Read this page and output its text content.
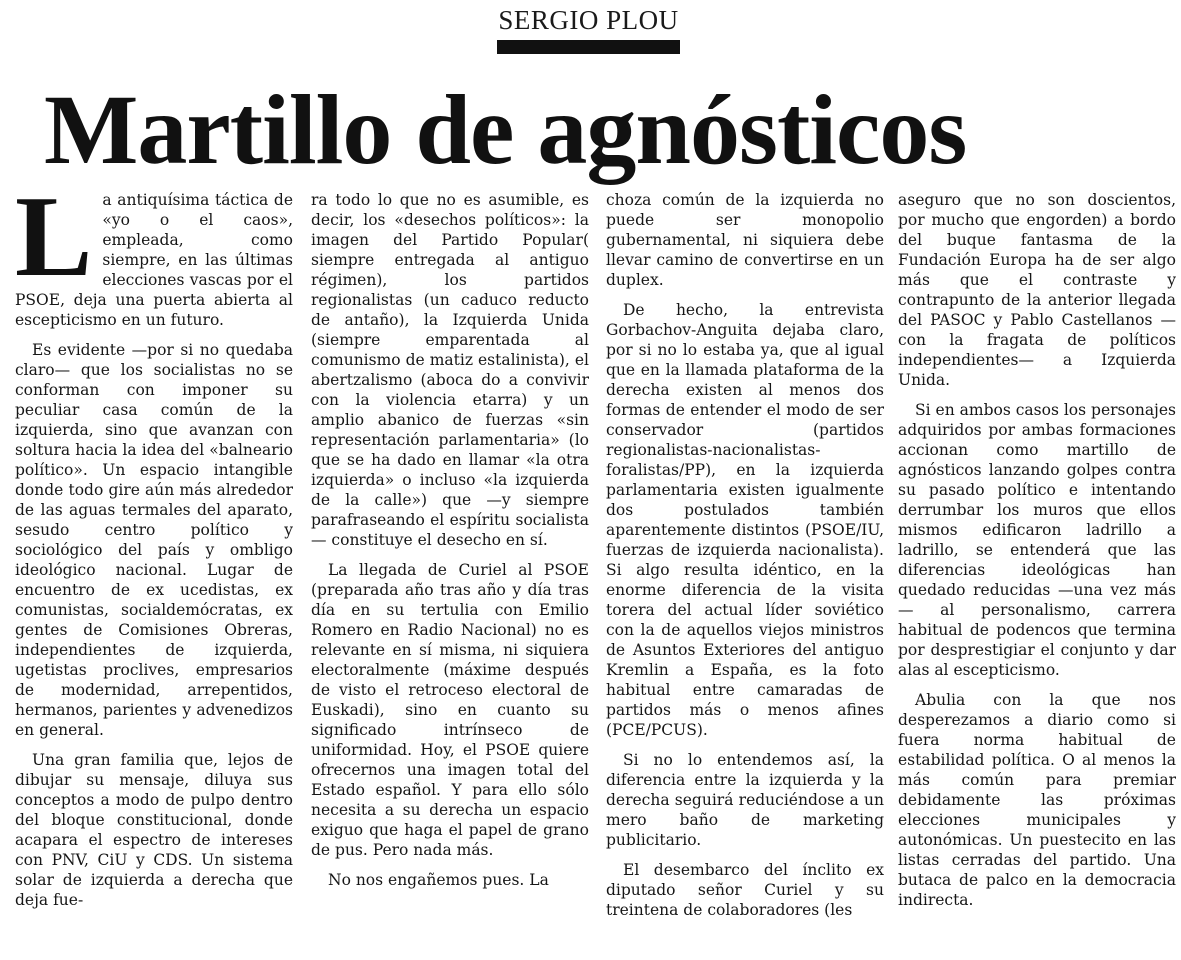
SERGIO PLOU
Martillo de agnósticos

La antiquísima táctica de «yo o el caos», empleada, como siempre, en las últimas elecciones vascas por el PSOE, deja una puerta abierta al escepticismo en un futuro.

Es evidente —por si no quedaba claro— que los socialistas no se conforman con imponer su peculiar casa común de la izquierda, sino que avanzan con soltura hacia la idea del «balneario político». Un espacio intangible donde todo gire aún más alrededor de las aguas termales del aparato, sesudo centro político y sociológico del país y ombligo ideológico nacional. Lugar de encuentro de ex ucedistas, ex comunistas, socialdemócratas, ex gentes de Comisiones Obreras, independientes de izquierda, ugetistas proclives, empresarios de modernidad, arrepentidos, hermanos, parientes y advenedizos en general.

Una gran familia que, lejos de dibujar su mensaje, diluya sus conceptos a modo de pulpo dentro del bloque constitucional, donde acapara el espectro de intereses con PNV, CiU y CDS. Un sistema solar de izquierda a derecha que deja fue-

ra todo lo que no es asumible, es decir, los «desechos políticos»: la imagen del Partido Popular( siempre entregada al antiguo régimen), los partidos regionalistas (un caduco reducto de antaño), la Izquierda Unida (siempre emparentada al comunismo de matiz estalinista), el abertzalismo (aboca do a convivir con la violencia etarra) y un amplio abanico de fuerzas «sin representación parlamentaria» (lo que se ha dado en llamar «la otra izquierda» o incluso «la izquierda de la calle») que —y siempre parafraseando el espíritu socialista— constituye el desecho en sí.

La llegada de Curiel al PSOE (preparada año tras año y día tras día en su tertulia con Emilio Romero en Radio Nacional) no es relevante en sí misma, ni siquiera electoralmente (máxime después de visto el retroceso electoral de Euskadi), sino en cuanto su significado intrínseco de uniformidad. Hoy, el PSOE quiere ofrecernos una imagen total del Estado español. Y para ello sólo necesita a su derecha un espacio exiguo que haga el papel de grano de pus. Pero nada más.

No nos engañemos pues. La

choza común de la izquierda no puede ser monopolio gubernamental, ni siquiera debe llevar camino de convertirse en un duplex.

De hecho, la entrevista Gorbachov-Anguita dejaba claro, por si no lo estaba ya, que al igual que en la llamada plataforma de la derecha existen al menos dos formas de entender el modo de ser conservador (partidos regionalistas-nacionalistas-foralistas/PP), en la izquierda parlamentaria existen igualmente dos postulados también aparentemente distintos (PSOE/IU, fuerzas de izquierda nacionalista). Si algo resulta idéntico, en la enorme diferencia de la visita torera del actual líder soviético con la de aquellos viejos ministros de Asuntos Exteriores del antiguo Kremlin a España, es la foto habitual entre camaradas de partidos más o menos afines (PCE/PCUS).

Si no lo entendemos así, la diferencia entre la izquierda y la derecha seguirá reduciéndose a un mero baño de marketing publicitario.

El desembarco del ínclito ex diputado señor Curiel y su treintena de colaboradores (les

aseguro que no son doscientos, por mucho que engorden) a bordo del buque fantasma de la Fundación Europa ha de ser algo más que el contraste y contrapunto de la anterior llegada del PASOC y Pablo Castellanos —con la fragata de políticos independientes— a Izquierda Unida.

Si en ambos casos los personajes adquiridos por ambas formaciones accionan como martillo de agnósticos lanzando golpes contra su pasado político e intentando derrumbar los muros que ellos mismos edificaron ladrillo a ladrillo, se entenderá que las diferencias ideológicas han quedado reducidas —una vez más— al personalismo, carrera habitual de podencos que termina por desprestigiar el conjunto y dar alas al escepticismo.

Abulia con la que nos desperezamos a diario como si fuera norma habitual de estabilidad política. O al menos la más común para premiar debidamente las próximas elecciones municipales y autonómicas. Un puestecito en las listas cerradas del partido. Una butaca de palco en la democracia indirecta.
